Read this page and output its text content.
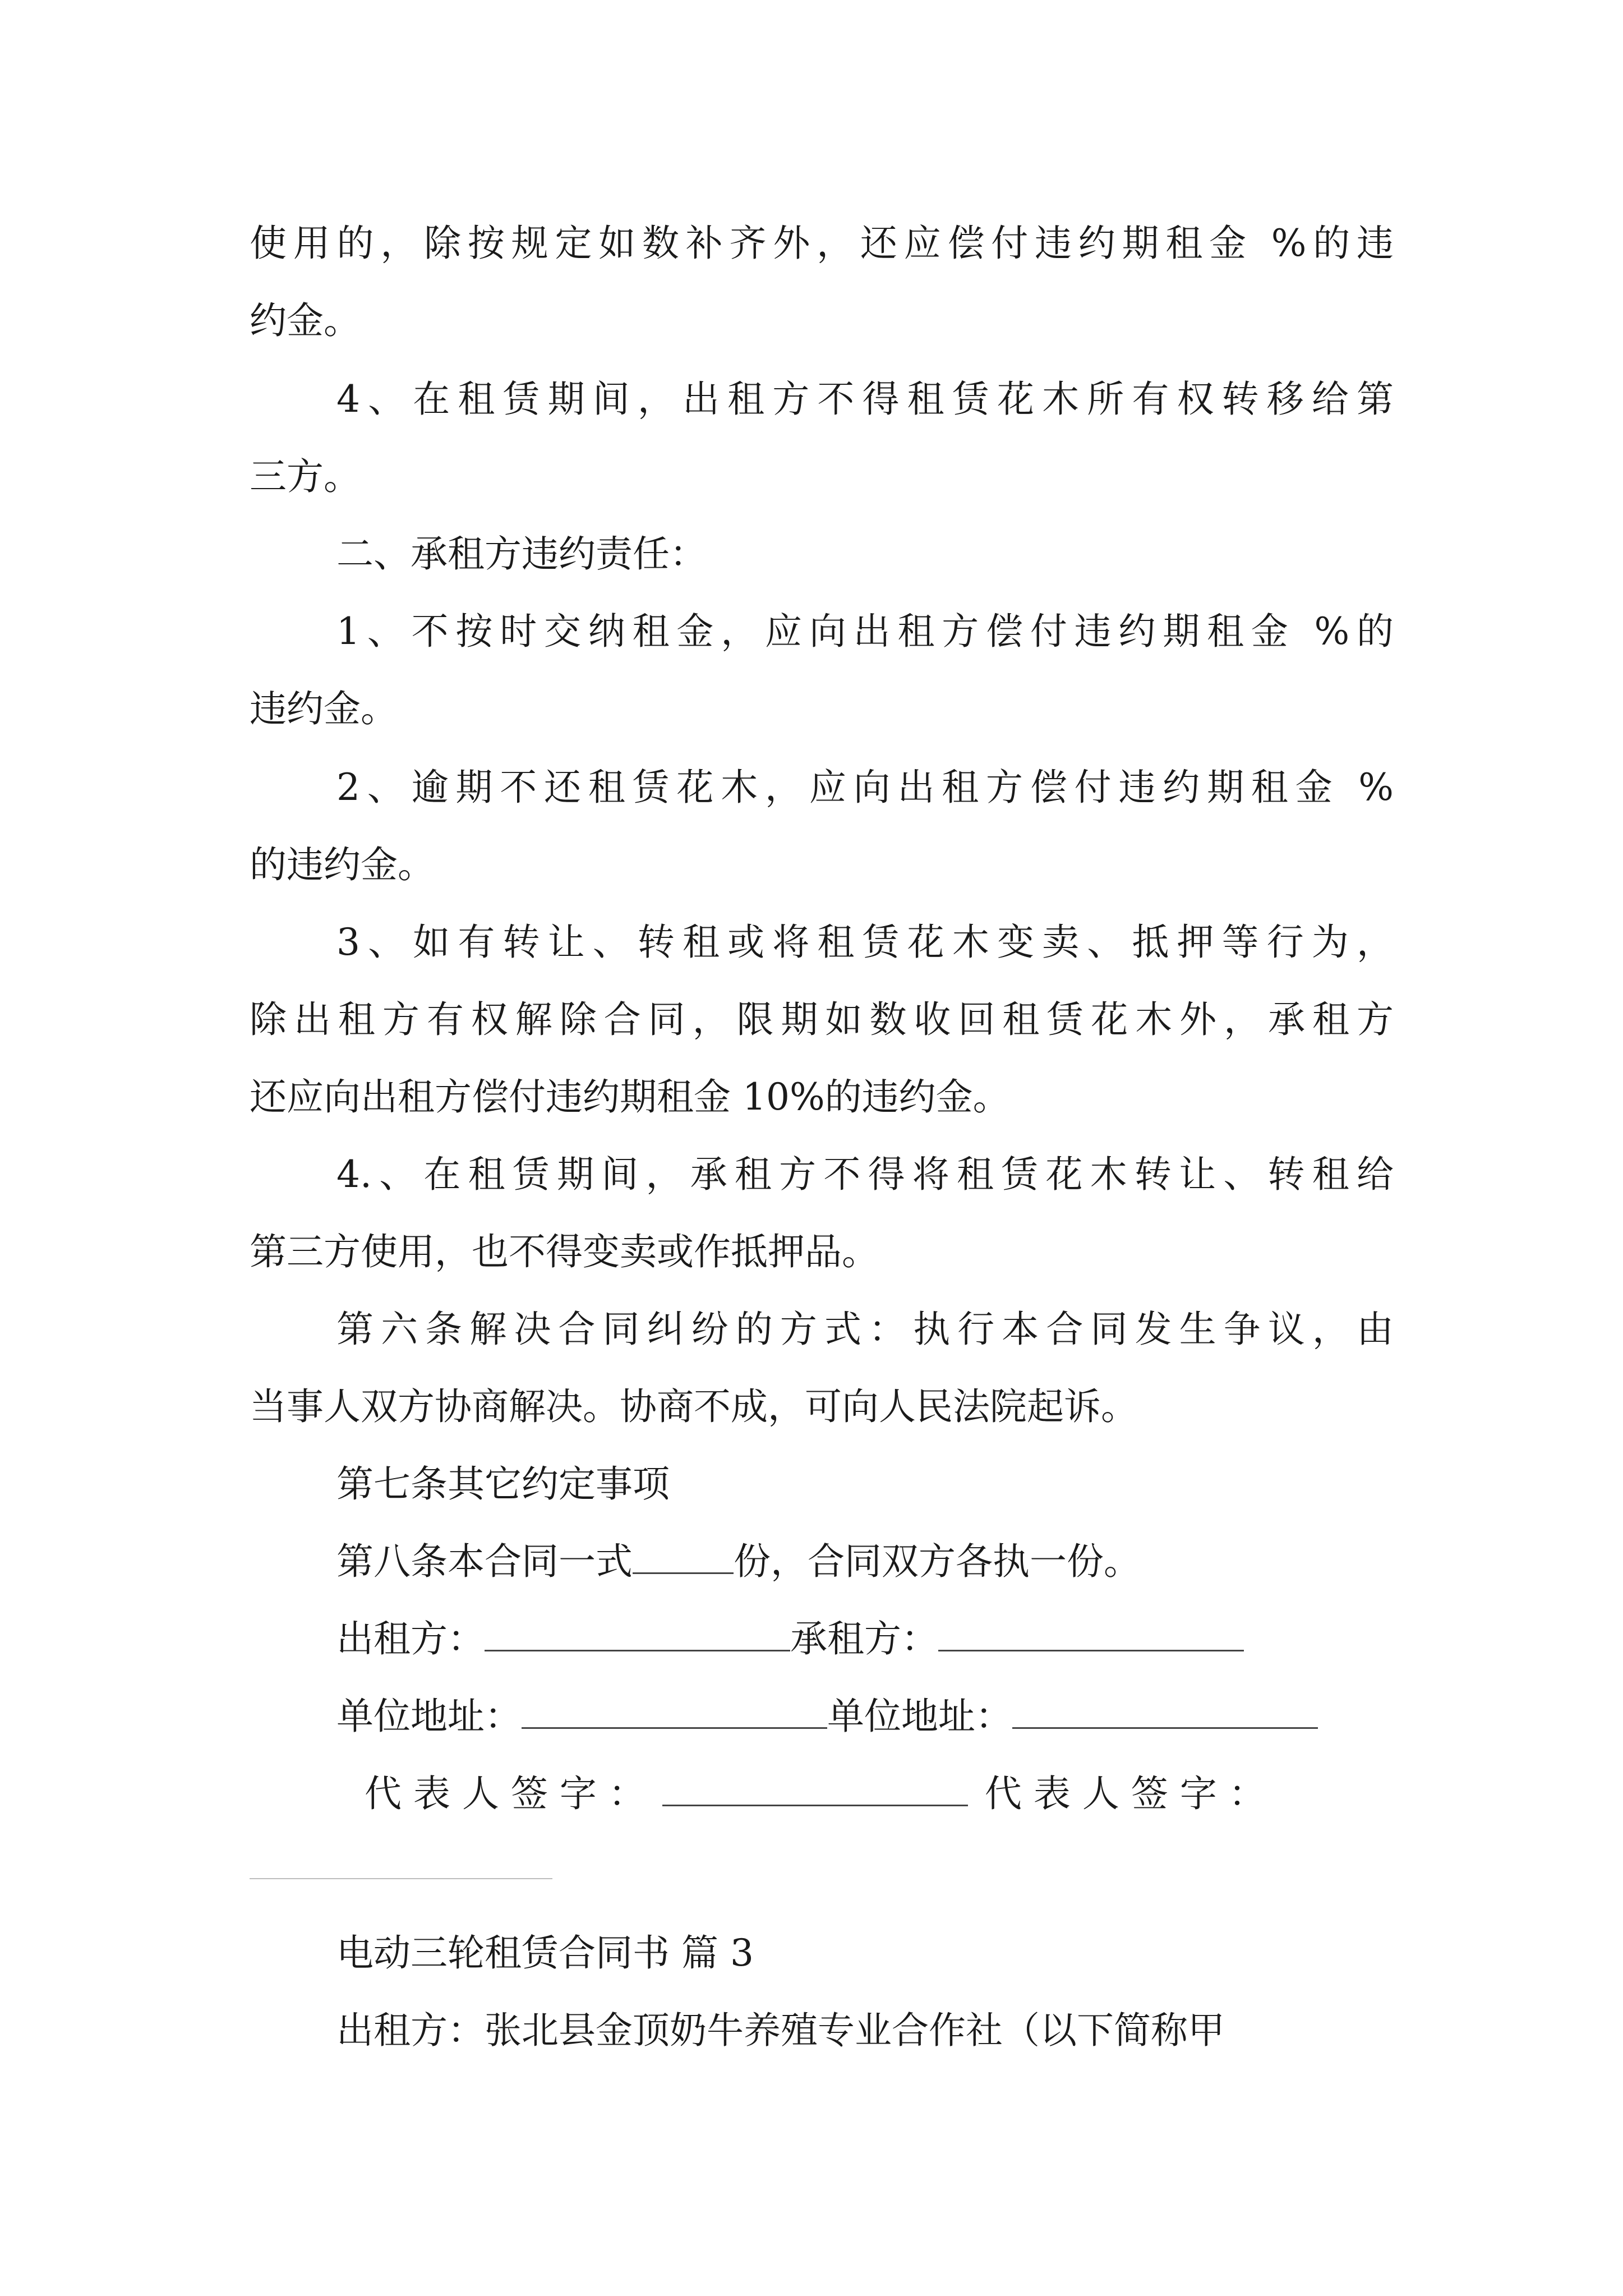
使用的，除按规定如数补齐外，还应偿付违约期租金 %的违
约金。
4、在租赁期间，出租方不得租赁花木所有权转移给第
三方。
二、承租方违约责任：
1、不按时交纳租金，应向出租方偿付违约期租金 %的
违约金。
2、逾期不还租赁花木，应向出租方偿付违约期租金 %
的违约金。
3、如有转让、转租或将租赁花木变卖、抵押等行为，
除出租方有权解除合同，限期如数收回租赁花木外，承租方
还应向出租方偿付违约期租金 10%的违约金。
4.、在租赁期间，承租方不得将租赁花木转让、转租给
第三方使用，也不得变卖或作抵押品。
第六条解决合同纠纷的方式：执行本合同发生争议，由
当事人双方协商解决。协商不成，可向人民法院起诉。
第七条其它约定事项
第八条本合同一式	份，合同双方各执一份。
出租方：	承租方：
单位地址：	单位地址：
代 表 人 签 字 ：	代 表 人 签 字 ：
电动三轮租赁合同书 篇 3
出租方：张北县金顶奶牛养殖专业合作社（以下简称甲
